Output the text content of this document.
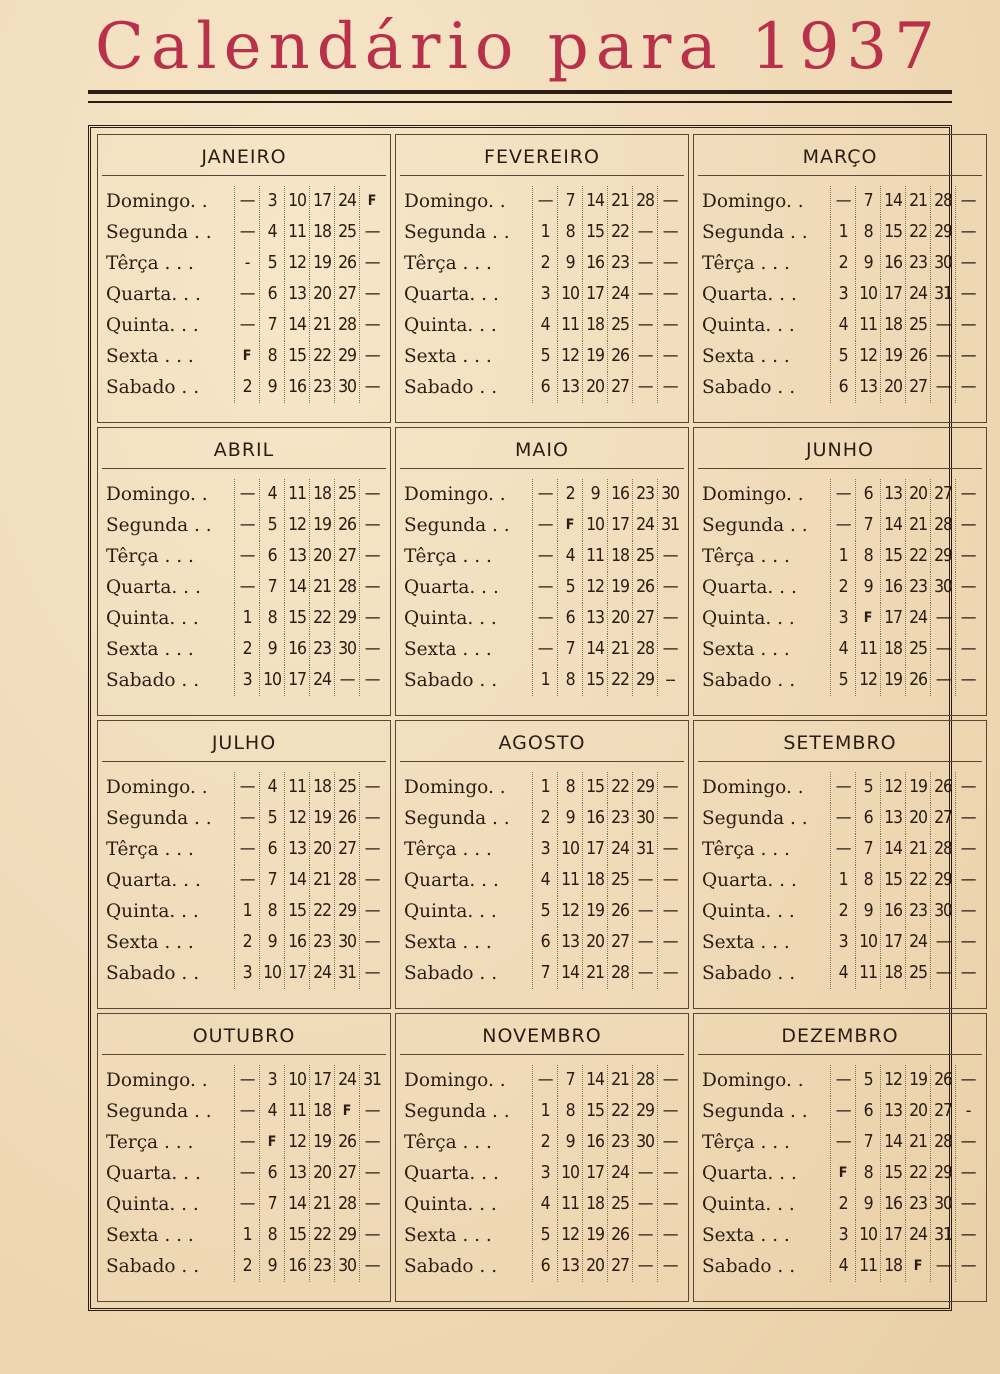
Calendário para 1937
JANEIRO
Domingo. .	— 3 10 17 24 F
Segunda . .	— 4 11 18 25 —
Têrça . . .	-	5 12 19 26 —
Quarta. . .	— 6 13 20 27 —
Quinta. . .	— 7 14 21 28 —
Sexta . . .	F 8 15 22 29 —
Sabado . .	2 9 16 23 30 —
FEVEREIRO
Domingo. .	— 7 14 21 28 —
Segunda . .	1 8 15 22 — —
Têrça . . .	2 9 16 23 — —
Quarta. . .	3 10 17 24 — —
Quinta. . .	4 11 18 25 — —
Sexta . . .	5 12 19 26 — —
Sabado . .	6 13 20 27 — —
MARÇO
Domingo. .	— 7 14 21 28 —
Segunda . .	1 8 15 22 29 —
Têrça . . .	2 9 16 23 30 —
Quarta. . .	3 10 17 24 31 —
Quinta. . .	4 11 18 25 — —
Sexta . . .	5 12 19 26 — —
Sabado . .	6 13 20 27 — —
ABRIL
Domingo. .	— 4 11 18 25 —
Segunda . .	— 5 12 19 26 —
Têrça . . .	— 6 13 20 27 —
Quarta. . .	— 7 14 21 28 —
Quinta. . .	1 8 15 22 29 —
Sexta . . .	2 9 16 23 30 —
Sabado . .	3 10 17 24 — —
MAIO
Domingo. .	— 2 9 16 23 30
Segunda . .	— F 10 17 24 31
Têrça . . .	— 4 11 18 25 —
Quarta. . .	— 5 12 19 26 —
Quinta. . .	— 6 13 20 27 —
Sexta . . .	— 7 14 21 28 —
Sabado . .	1 8 15 22 29 --
JUNHO
Domingo. .	— 6 13 20 27 —
Segunda . .	— 7 14 21 28 —
Têrça . . .	1 8 15 22 29 —
Quarta. . .	2 9 16 23 30 —
Quinta. . .	3	F 17 24 — —
Sexta . . .	4 11 18 25 — —
Sabado . .	5 12 19 26 — —
JULHO
Domingo. .	— 4 11 18 25 —
Segunda . .	— 5 12 19 26 —
Têrça . . .	— 6 13 20 27 —
Quarta. . .	— 7 14 21 28 —
Quinta. . .	1 8 15 22 29 —
Sexta . . .	2 9 16 23 30 —
Sabado . .	3 10 17 24 31 —
AGOSTO
Domingo. .	1 8 15 22 29 —
Segunda . .	2 9 16 23 30 —
Têrça . . .	3 10 17 24 31 —
Quarta. . .	4 11 18 25 — —
Quinta. . .	5 12 19 26 — —
Sexta . . .	6 13 20 27 — —
Sabado . .	7 14 21 28 — —
SETEMBRO
Domingo. .	— 5 12 19 26 —
Segunda . .	— 6 13 20 27 —
Têrça . . .	— 7 14 21 28 —
Quarta. . .	1 8 15 22 29 —
Quinta. . .	2 9 16 23 30 —
Sexta . . .	3 10 17 24 — —
Sabado . .	4 11 18 25 — —
OUTUBRO
Domingo. .	— 3 10 17 24 31
Segunda . .	— 4 11 18 F —
Terça . . .	— F 12 19 26 —
Quarta. . .	— 6 13 20 27 —
Quinta. . .	— 7 14 21 28 —
Sexta . . .	1 8 15 22 29 —
Sabado . .	2 9 16 23 30 —
NOVEMBRO
Domingo. .	— 7 14 21 28 —
Segunda . .	1 8 15 22 29 —
Têrça . . .	2 9 16 23 30 —
Quarta. . .	3 10 17 24 — —
Quinta. . .	4 11 18 25 — —
Sexta . . .	5 12 19 26 — —
Sabado . .	6 13 20 27 — —
DEZEMBRO
Domingo. .	— 5 12 19 26 —
Segunda . .	— 6 13 20 27 -
Têrça . . .	— 7 14 21 28 —
Quarta. . .	F 8 15 22 29 —
Quinta. . .	2 9 16 23 30 —
Sexta . . .	3 10 17 24 31 —
Sabado . .	4 11 18 F — —
